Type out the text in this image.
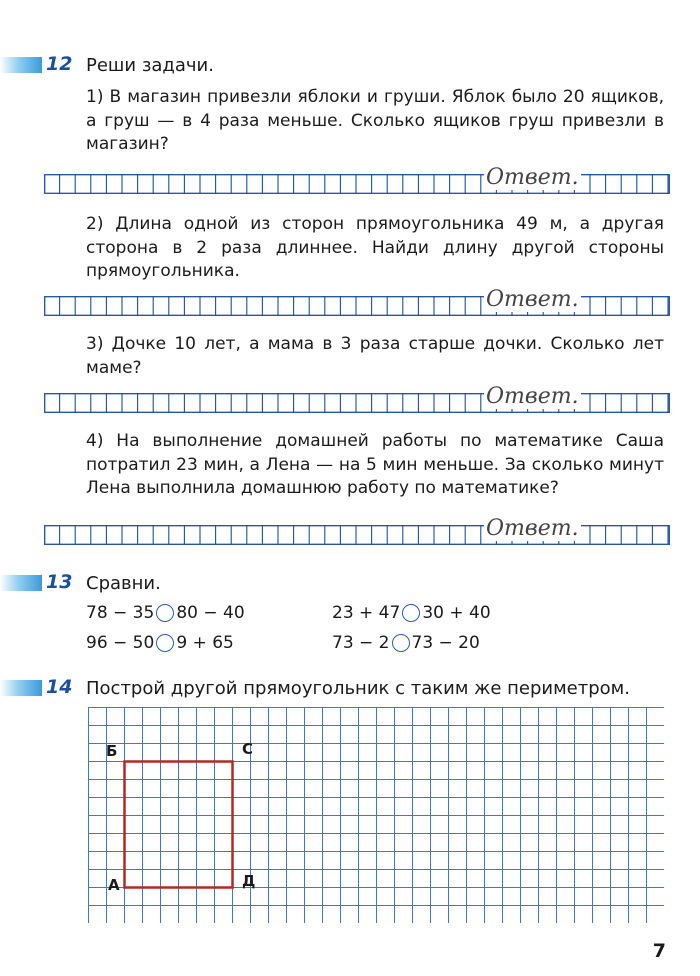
12 Реши задачи.
1) В магазин привезли яблоки и груши. Яблок было 20 ящиков, а груш — в 4 раза меньше. Сколько ящиков груш привезли в магазин?
Ответ.
2) Длина одной из сторон прямоугольника 49 м, а другая сторона в 2 раза длиннее. Найди длину другой стороны прямоугольника.
Ответ.
3) Дочке 10 лет, а мама в 3 раза старше дочки. Сколько лет маме?
Ответ.
4) На выполнение домашней работы по математике Саша потратил 23 мин, а Лена — на 5 мин меньше. За сколько минут Лена выполнила домашнюю работу по математике?
Ответ.
13 Сравни.
78 − 35 80 − 40	23 + 47 30 + 40
96 − 50 9 + 65	73 − 2 73 − 20
14 Построй другой прямоугольник с таким же периметром.
Б	С
А	Д
7
